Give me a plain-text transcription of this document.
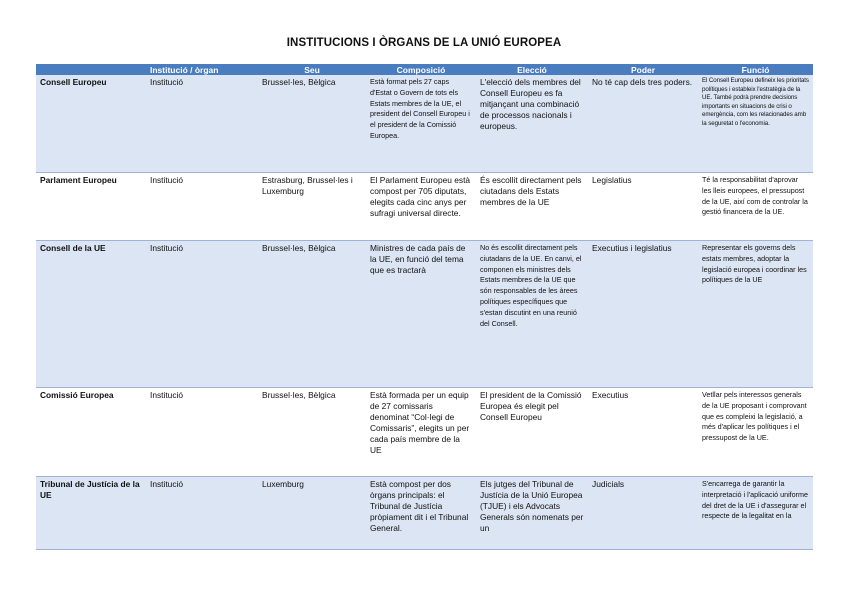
INSTITUCIONS I ÒRGANS DE LA UNIÓ EUROPEA
	Institució / òrgan	Seu	Composició	Elecció	Poder	Funció
Consell Europeu	Institució	Brussel·les, Bèlgica	Està format pels 27 caps d'Estat o Govern de tots els Estats membres de la UE, el president del Consell Europeu i el president de la Comissió Europea.	L'elecció dels membres del Consell Europeu es fa mitjançant una combinació de processos nacionals i europeus.	No té cap dels tres poders.	El Consell Europeu defineix les prioritats polítiques i estableix l'estratègia de la UE. També podrà prendre decisions importants en situacions de crisi o emergència, com les relacionades amb la seguretat o l'economia.
Parlament Europeu	Institució	Estrasburg, Brussel·les i Luxemburg	El Parlament Europeu està compost per 705 diputats, elegits cada cinc anys per sufragi universal directe.	És escollit directament pels ciutadans dels Estats membres de la UE	Legislatius	Té la responsabilitat d'aprovar les lleis europees, el pressupost de la UE, així com de controlar la gestió financera de la UE.
Consell de la UE	Institució	Brussel·les, Bèlgica	Ministres de cada país de la UE, en funció del tema que es tractarà	No és escollit directament pels ciutadans de la UE. En canvi, el componen els ministres dels Estats membres de la UE que són responsables de les àrees polítiques específiques que s'estan discutint en una reunió del Consell.	Executius i legislatius	Representar els governs dels estats membres, adoptar la legislació europea i coordinar les polítiques de la UE
Comissió Europea	Institució	Brussel·les, Bèlgica	Està formada per un equip de 27 comissaris denominat “Col·legi de Comissaris”, elegits un per cada país membre de la UE	El president de la Comissió Europea és elegit pel Consell Europeu	Executius	Vetllar pels interessos generals de la UE proposant i comprovant que es compleixi la legislació, a més d'aplicar les polítiques i el pressupost de la UE.
Tribunal de Justícia de la UE	Institució	Luxemburg	Està compost per dos òrgans principals: el Tribunal de Justícia pròpiament dit i el Tribunal General.	Els jutges del Tribunal de Justícia de la Unió Europea (TJUE) i els Advocats Generals són nomenats per un	Judicials	S'encarrega de garantir la interpretació i l'aplicació uniforme del dret de la UE i d'assegurar el respecte de la legalitat en la
